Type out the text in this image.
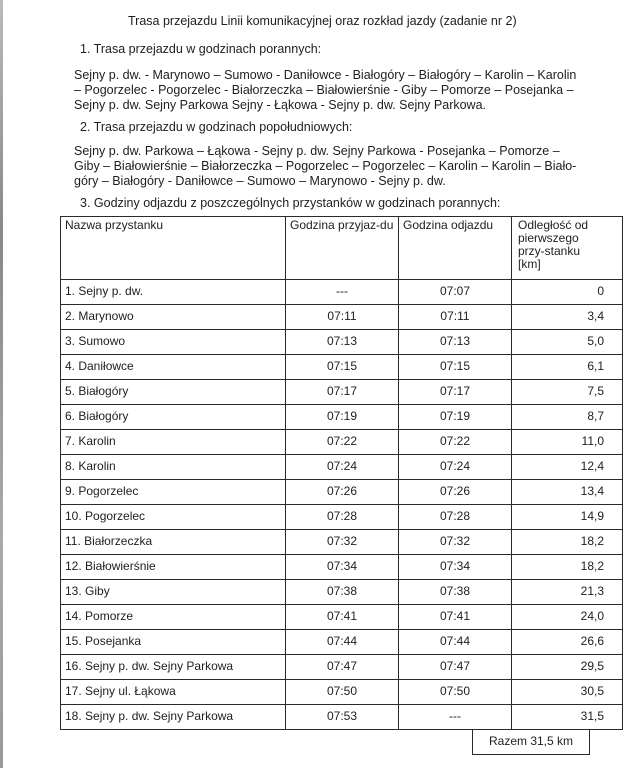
Trasa przejazdu Linii komunikacyjnej oraz rozkład jazdy (zadanie nr 2)
1. Trasa przejazdu w godzinach porannych:
Sejny p. dw. - Marynowo – Sumowo - Daniłowce - Białogóry – Białogóry – Karolin – Karolin
– Pogorzelec - Pogorzelec - Białorzeczka – Białowierśnie - Giby – Pomorze – Posejanka –
Sejny p. dw. Sejny Parkowa Sejny - Łąkowa - Sejny p. dw. Sejny Parkowa.
2. Trasa przejazdu w godzinach popołudniowych:
Sejny p. dw. Parkowa – Łąkowa - Sejny p. dw. Sejny Parkowa - Posejanka – Pomorze –
Giby – Białowierśnie – Białorzeczka – Pogorzelec – Pogorzelec – Karolin – Karolin – Biało-
góry – Białogóry - Daniłowce – Sumowo – Marynowo - Sejny p. dw.
3. Godziny odjazdu z poszczególnych przystanków w godzinach porannych:
Nazwa przystanku	Godzina przyjaz-du	Godzina odjazdu	Odległość od pierwszego przy-stanku [km]

1. Sejny p. dw.	---	07:07	0

2. Marynowo	07:11	07:11	3,4

3. Sumowo	07:13	07:13	5,0

4. Daniłowce	07:15	07:15	6,1

5. Białogóry	07:17	07:17	7,5

6. Białogóry	07:19	07:19	8,7

7. Karolin	07:22	07:22	11,0

8. Karolin	07:24	07:24	12,4

9. Pogorzelec	07:26	07:26	13,4

10. Pogorzelec	07:28	07:28	14,9

11. Białorzeczka	07:32	07:32	18,2

12. Białowierśnie	07:34	07:34	18,2

13. Giby	07:38	07:38	21,3

14. Pomorze	07:41	07:41	24,0

15. Posejanka	07:44	07:44	26,6

16. Sejny p. dw. Sejny Parkowa	07:47	07:47	29,5

17. Sejny ul. Łąkowa	07:50	07:50	30,5

18. Sejny p. dw. Sejny Parkowa	07:53	---	31,5
Razem 31,5 km
